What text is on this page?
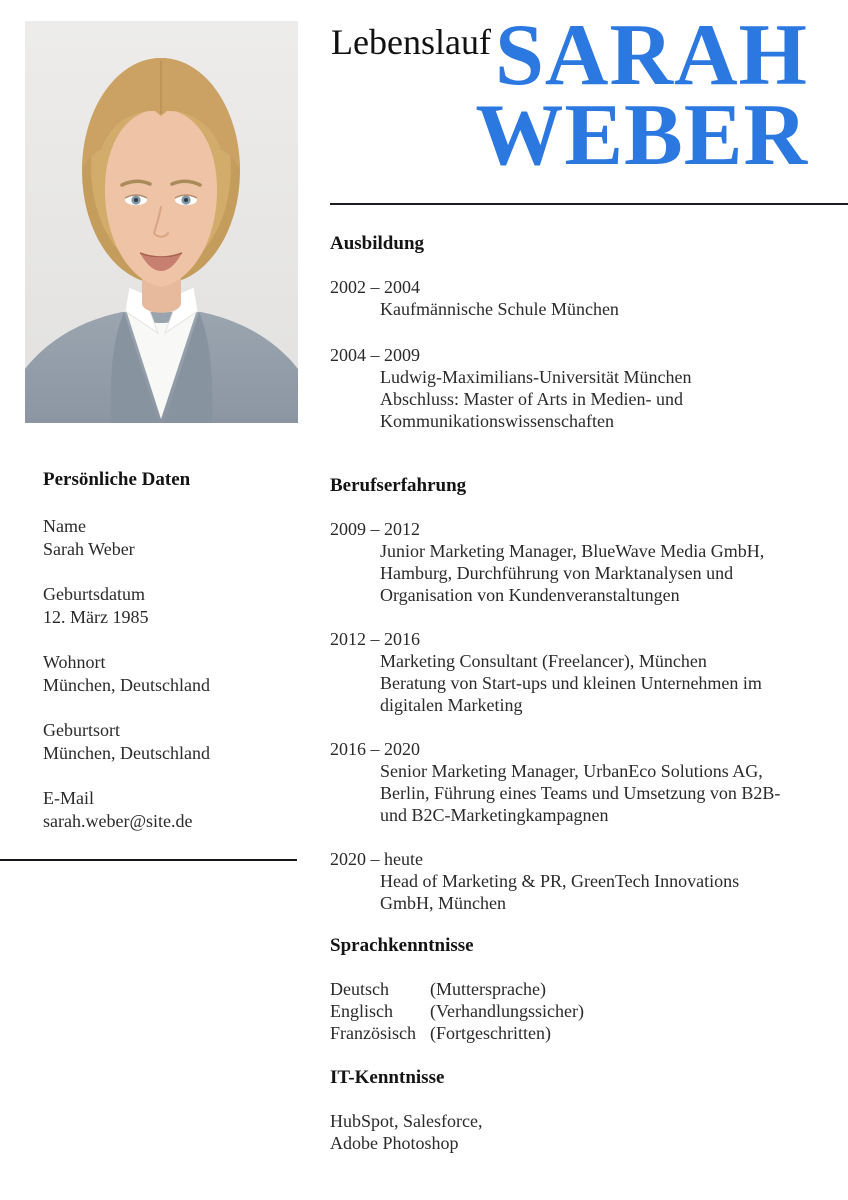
Persönliche Daten
Name
Sarah Weber
Geburtsdatum
12. März 1985
Wohnort
München, Deutschland
Geburtsort
München, Deutschland
E-Mail
sarah.weber@site.de
Lebenslauf SARAH
WEBER
Ausbildung
2002 – 2004
Kaufmännische Schule München
2004 – 2009
Ludwig-Maximilians-Universität München
Abschluss: Master of Arts in Medien- und
Kommunikationswissenschaften
Berufserfahrung
2009 – 2012
Junior Marketing Manager, BlueWave Media GmbH,
Hamburg, Durchführung von Marktanalysen und
Organisation von Kundenveranstaltungen
2012 – 2016
Marketing Consultant (Freelancer), München
Beratung von Start-ups und kleinen Unternehmen im
digitalen Marketing
2016 – 2020
Senior Marketing Manager, UrbanEco Solutions AG,
Berlin, Führung eines Teams und Umsetzung von B2B-
und B2C-Marketingkampagnen
2020 – heute
Head of Marketing & PR, GreenTech Innovations
GmbH, München
Sprachkenntnisse
Deutsch	(Muttersprache)
Englisch	(Verhandlungssicher)
Französisch (Fortgeschritten)
IT-Kenntnisse
HubSpot, Salesforce,
Adobe Photoshop
